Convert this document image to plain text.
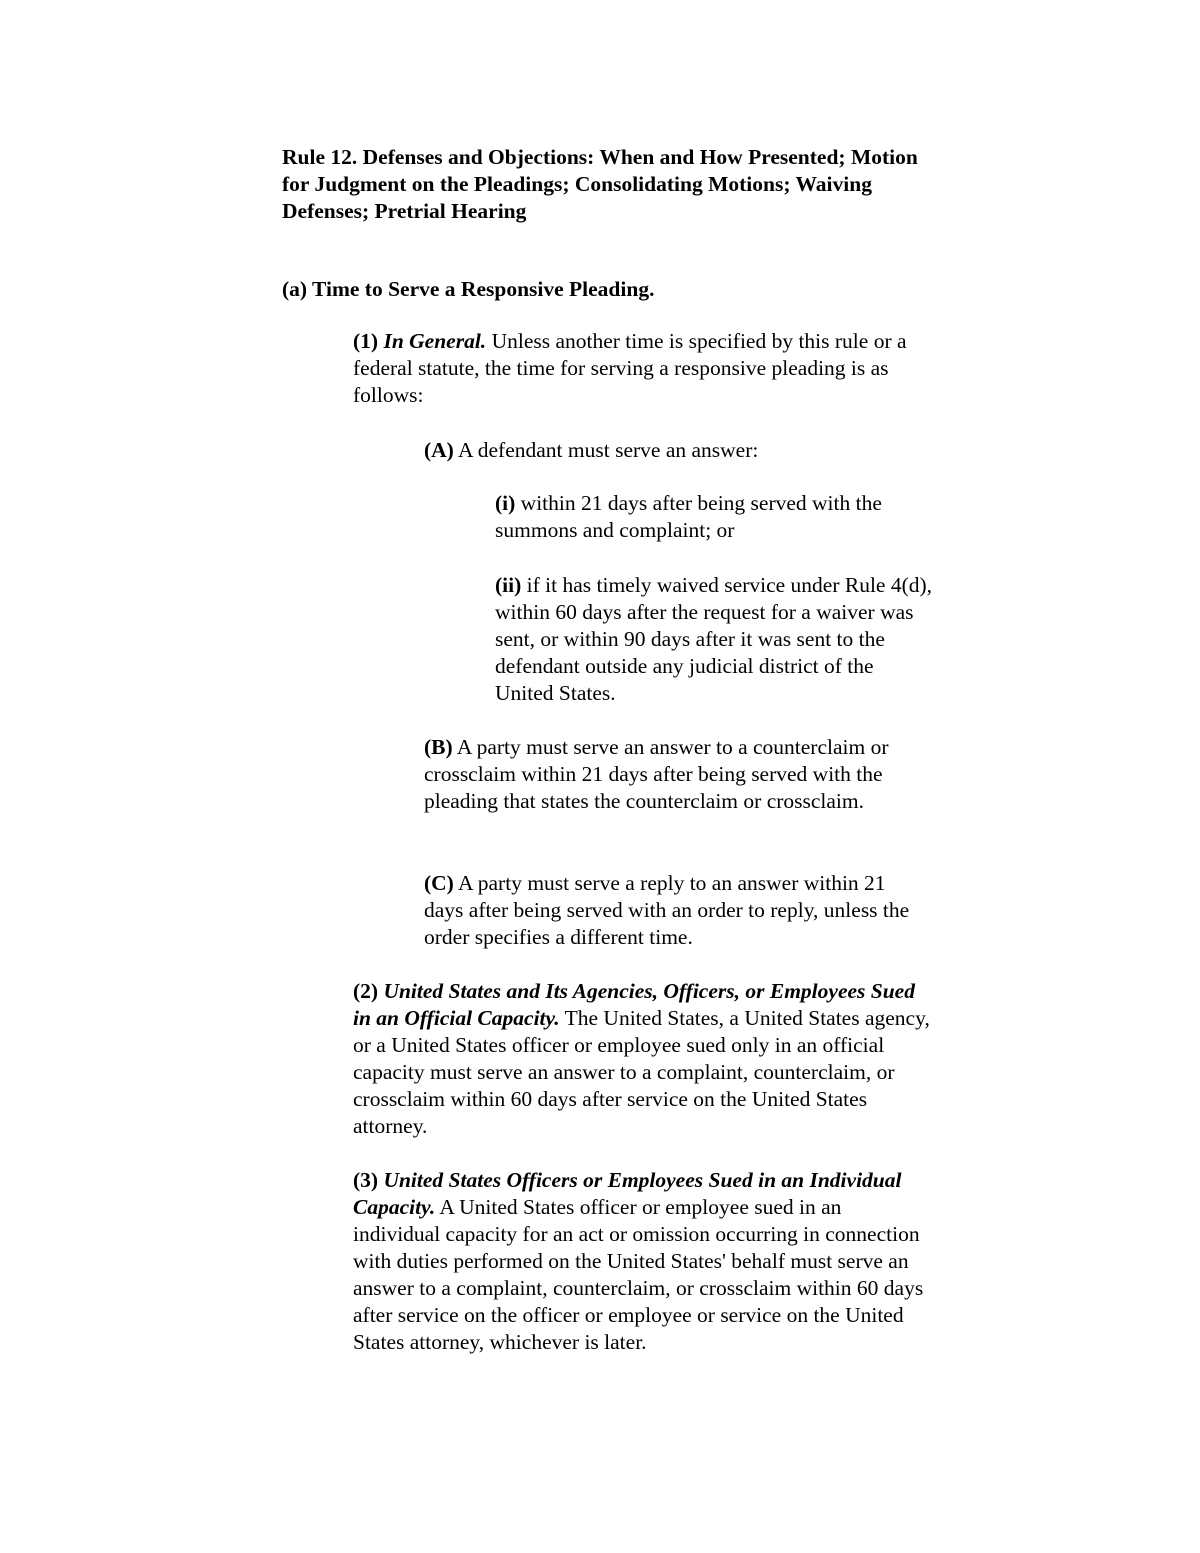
Rule 12. Defenses and Objections: When and How Presented; Motion for Judgment on the Pleadings; Consolidating Motions; Waiving Defenses; Pretrial Hearing
(a) Time to Serve a Responsive Pleading.

(1) In General. Unless another time is specified by this rule or a federal statute, the time for serving a responsive pleading is as follows:

(A) A defendant must serve an answer:

(i) within 21 days after being served with the summons and complaint; or

(ii) if it has timely waived service under Rule 4(d), within 60 days after the request for a waiver was sent, or within 90 days after it was sent to the defendant outside any judicial district of the United States.

(B) A party must serve an answer to a counterclaim or crossclaim within 21 days after being served with the pleading that states the counterclaim or crossclaim.

(C) A party must serve a reply to an answer within 21 days after being served with an order to reply, unless the order specifies a different time.

(2) United States and Its Agencies, Officers, or Employees Sued in an Official Capacity. The United States, a United States agency, or a United States officer or employee sued only in an official capacity must serve an answer to a complaint, counterclaim, or crossclaim within 60 days after service on the United States attorney.

(3) United States Officers or Employees Sued in an Individual Capacity. A United States officer or employee sued in an individual capacity for an act or omission occurring in connection with duties performed on the United States' behalf must serve an answer to a complaint, counterclaim, or crossclaim within 60 days after service on the officer or employee or service on the United States attorney, whichever is later.
